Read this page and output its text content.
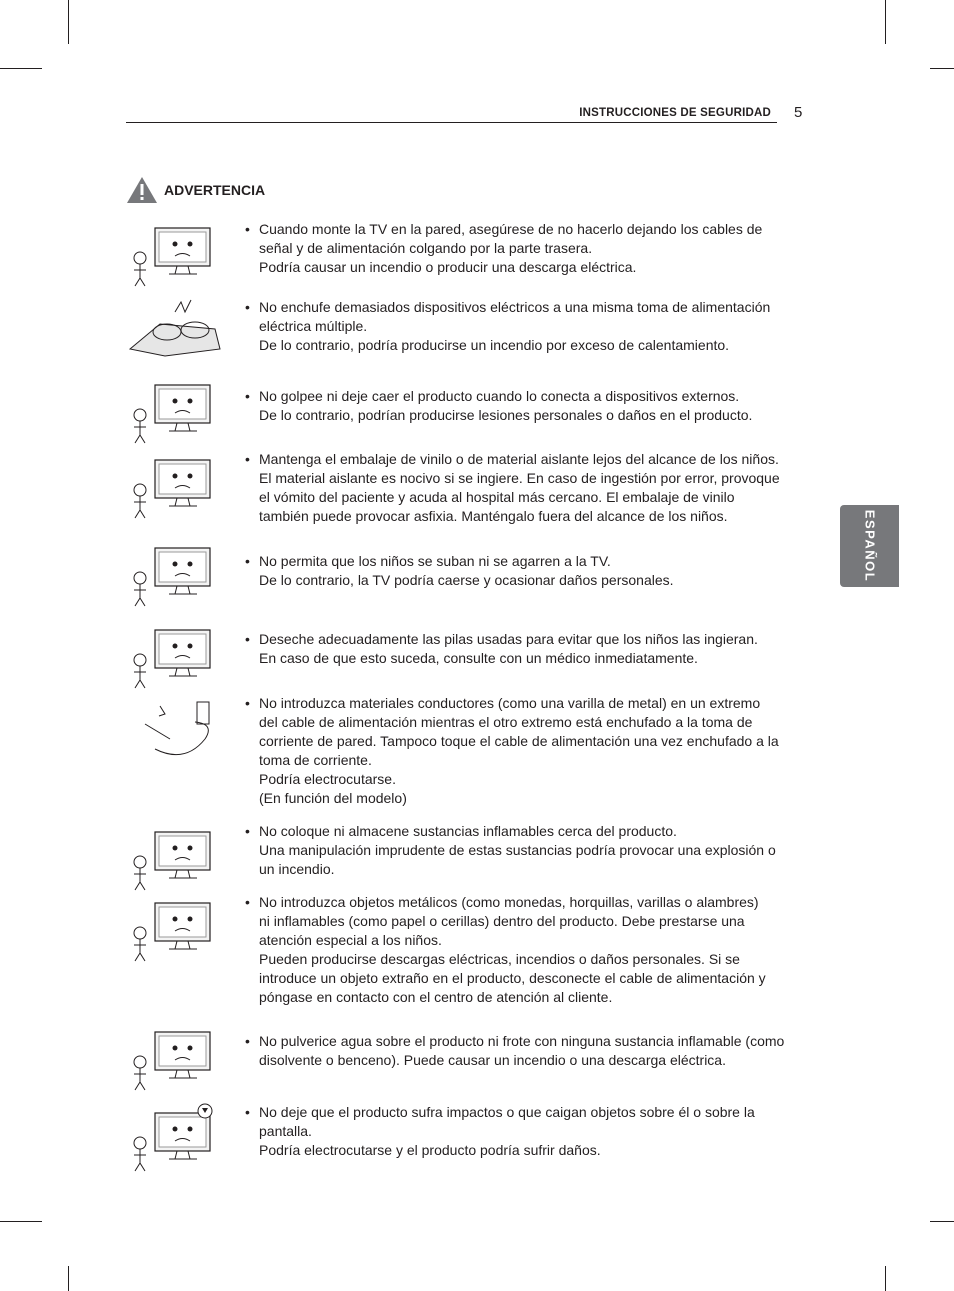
INSTRUCCIONES DE SEGURIDAD 5
ESPAÑOL
ADVERTENCIA
• Cuando monte la TV en la pared, asegúrese de no hacerlo dejando los cables de
señal y de alimentación colgando por la parte trasera.
Podría causar un incendio o producir una descarga eléctrica.
• No enchufe demasiados dispositivos eléctricos a una misma toma de alimentación
eléctrica múltiple.
De lo contrario, podría producirse un incendio por exceso de calentamiento.
• No golpee ni deje caer el producto cuando lo conecta a dispositivos externos.
De lo contrario, podrían producirse lesiones personales o daños en el producto.
• Mantenga el embalaje de vinilo o de material aislante lejos del alcance de los niños.
El material aislante es nocivo si se ingiere. En caso de ingestión por error, provoque
el vómito del paciente y acuda al hospital más cercano. El embalaje de vinilo
también puede provocar asfixia. Manténgalo fuera del alcance de los niños.
• No permita que los niños se suban ni se agarren a la TV.
De lo contrario, la TV podría caerse y ocasionar daños personales.
• Deseche adecuadamente las pilas usadas para evitar que los niños las ingieran.
En caso de que esto suceda, consulte con un médico inmediatamente.
• No introduzca materiales conductores (como una varilla de metal) en un extremo
del cable de alimentación mientras el otro extremo está enchufado a la toma de
corriente de pared. Tampoco toque el cable de alimentación una vez enchufado a la
toma de corriente.
Podría electrocutarse.
(En función del modelo)
• No coloque ni almacene sustancias inflamables cerca del producto.
Una manipulación imprudente de estas sustancias podría provocar una explosión o
un incendio.
• No introduzca objetos metálicos (como monedas, horquillas, varillas o alambres)
ni inflamables (como papel o cerillas) dentro del producto. Debe prestarse una
atención especial a los niños.
Pueden producirse descargas eléctricas, incendios o daños personales. Si se
introduce un objeto extraño en el producto, desconecte el cable de alimentación y
póngase en contacto con el centro de atención al cliente.
• No pulverice agua sobre el producto ni frote con ninguna sustancia inflamable (como
disolvente o benceno). Puede causar un incendio o una descarga eléctrica.
• No deje que el producto sufra impactos o que caigan objetos sobre él o sobre la
pantalla.
Podría electrocutarse y el producto podría sufrir daños.
